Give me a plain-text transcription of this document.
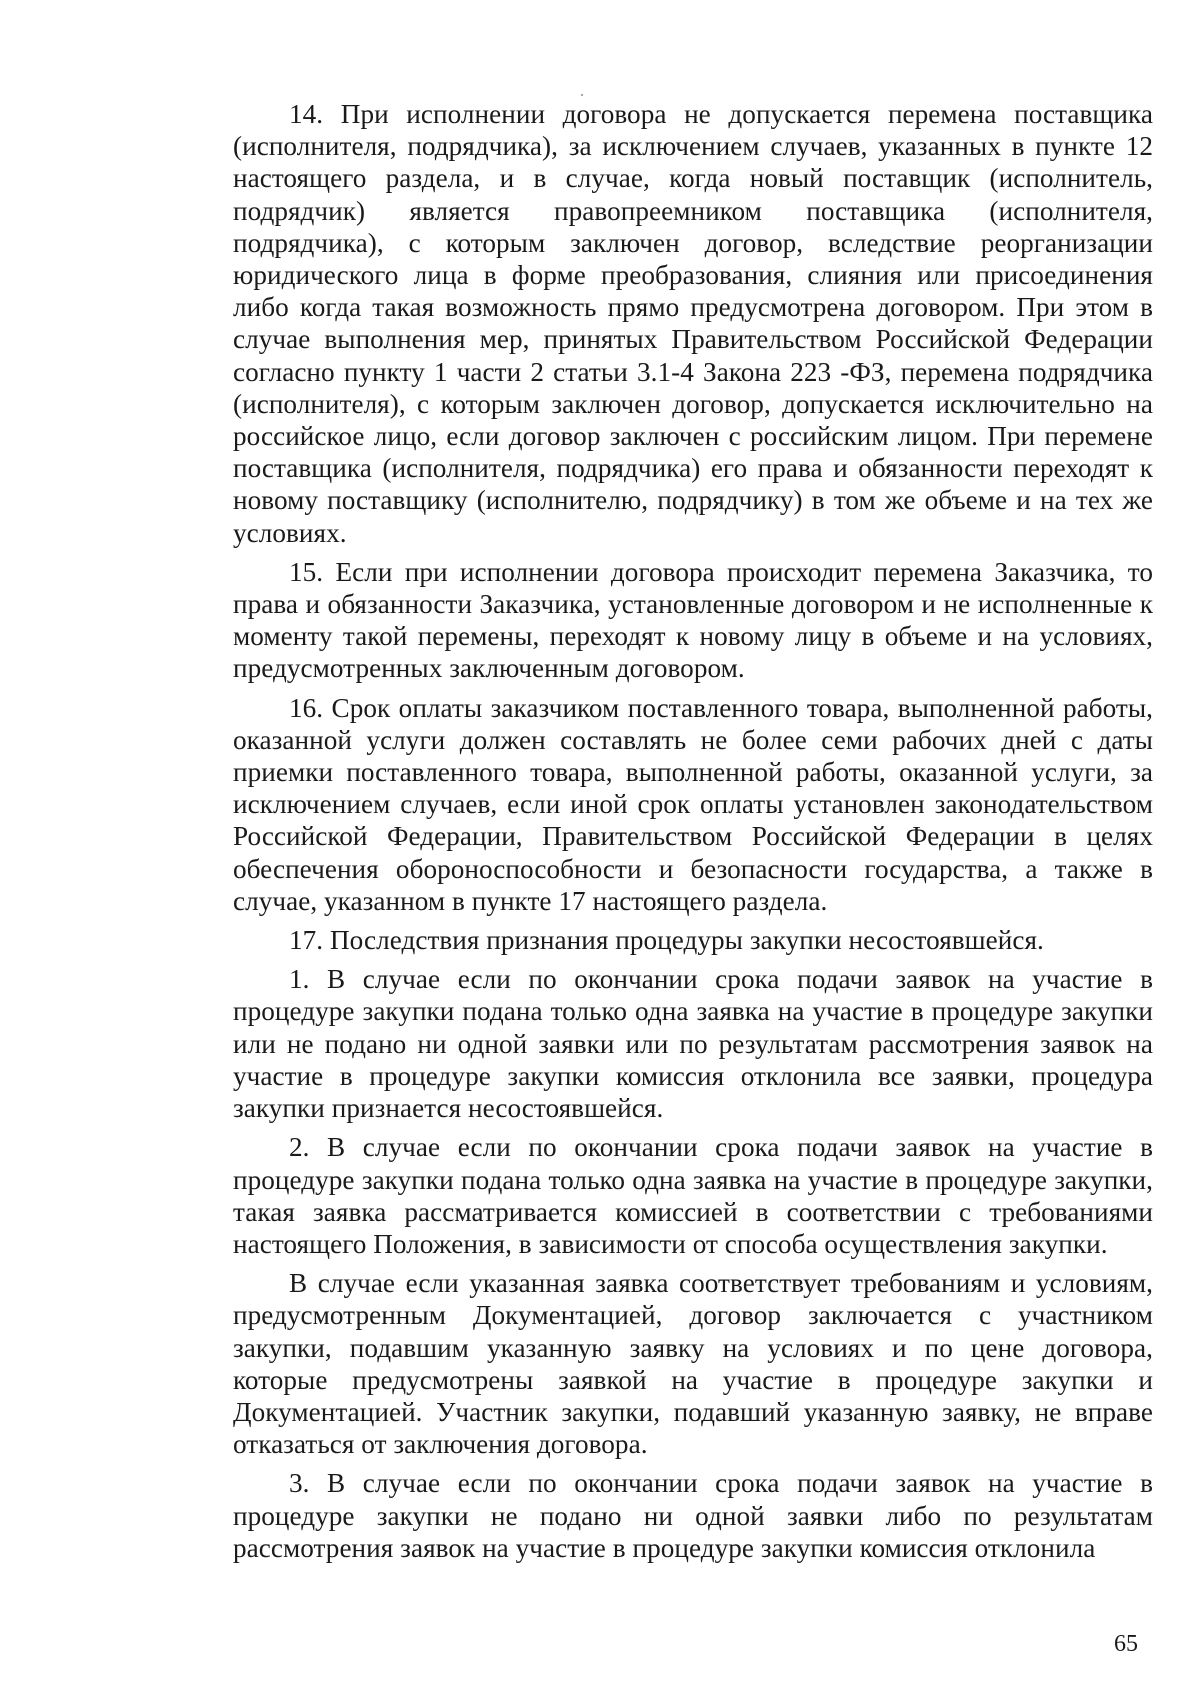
14. При исполнении договора не допускается перемена поставщика (исполнителя, подрядчика), за исключением случаев, указанных в пункте 12 настоящего раздела, и в случае, когда новый поставщик (исполнитель, подрядчик) является правопреемником поставщика (исполнителя, подрядчика), с которым заключен договор, вследствие реорганизации юридического лица в форме преобразования, слияния или присоединения либо когда такая возможность прямо предусмотрена договором. При этом в случае выполнения мер, принятых Правительством Российской Федерации согласно пункту 1 части 2 статьи 3.1-4 Закона 223 -ФЗ, перемена подрядчика (исполнителя), с которым заключен договор, допускается исключительно на российское лицо, если договор заключен с российским лицом. При перемене поставщика (исполнителя, подрядчика) его права и обязанности переходят к новому поставщику (исполнителю, подрядчику) в том же объеме и на тех же условиях.

15. Если при исполнении договора происходит перемена Заказчика, то права и обязанности Заказчика, установленные договором и не исполненные к моменту такой перемены, переходят к новому лицу в объеме и на условиях, предусмотренных заключенным договором.

16. Срок оплаты заказчиком поставленного товара, выполненной работы, оказанной услуги должен составлять не более семи рабочих дней с даты приемки поставленного товара, выполненной работы, оказанной услуги, за исключением случаев, если иной срок оплаты установлен законодательством Российской Федерации, Правительством Российской Федерации в целях обеспечения обороноспособности и безопасности государства, а также в случае, указанном в пункте 17 настоящего раздела.

17. Последствия признания процедуры закупки несостоявшейся.

1. В случае если по окончании срока подачи заявок на участие в процедуре закупки подана только одна заявка на участие в процедуре закупки или не подано ни одной заявки или по результатам рассмотрения заявок на участие в процедуре закупки комиссия отклонила все заявки, процедура закупки признается несостоявшейся.

2. В случае если по окончании срока подачи заявок на участие в процедуре закупки подана только одна заявка на участие в процедуре закупки, такая заявка рассматривается комиссией в соответствии с требованиями настоящего Положения, в зависимости от способа осуществления закупки.

В случае если указанная заявка соответствует требованиям и условиям, предусмотренным Документацией, договор заключается с участником закупки, подавшим указанную заявку на условиях и по цене договора, которые предусмотрены заявкой на участие в процедуре закупки и Документацией. Участник закупки, подавший указанную заявку, не вправе отказаться от заключения договора.

3. В случае если по окончании срока подачи заявок на участие в процедуре закупки не подано ни одной заявки либо по результатам рассмотрения заявок на участие в процедуре закупки комиссия отклонила

65
